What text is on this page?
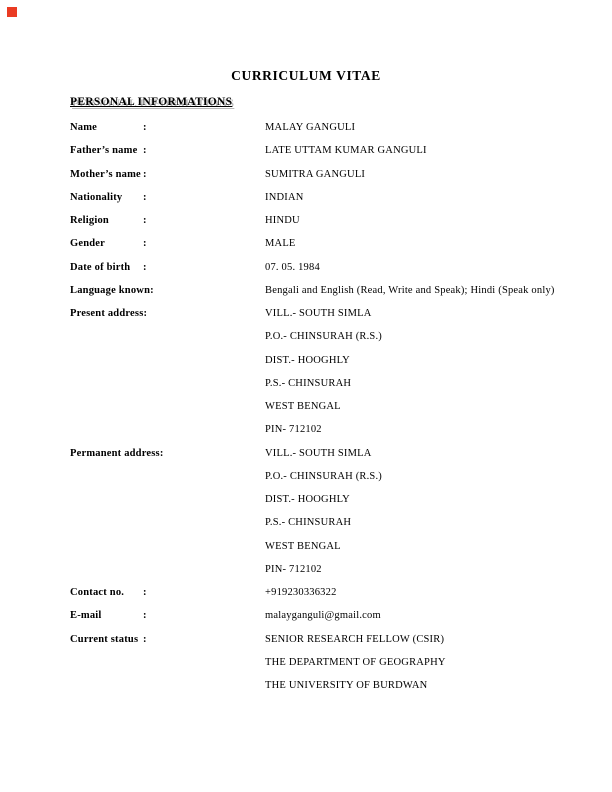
CURRICULUM VITAE
PERSONAL INFORMATIONS
Name	:	MALAY GANGULI
Father’s name :	LATE UTTAM KUMAR GANGULI
Mother’s name :	SUMITRA GANGULI
Nationality :	INDIAN
Religion	:	HINDU
Gender	:	MALE
Date of birth :	07. 05. 1984
Language known:	Bengali and English (Read, Write and Speak); Hindi (Speak only)
Present address:	VILL.- SOUTH SIMLA
P.O.- CHINSURAH (R.S.)
DIST.- HOOGHLY
P.S.- CHINSURAH
WEST BENGAL
PIN- 712102
Permanent address:	VILL.- SOUTH SIMLA
P.O.- CHINSURAH (R.S.)
DIST.- HOOGHLY
P.S.- CHINSURAH
WEST BENGAL
PIN- 712102
Contact no. :	+919230336322
E-mail	:	malayganguli@gmail.com
Current status :	SENIOR RESEARCH FELLOW (CSIR)
THE DEPARTMENT OF GEOGRAPHY
THE UNIVERSITY OF BURDWAN
